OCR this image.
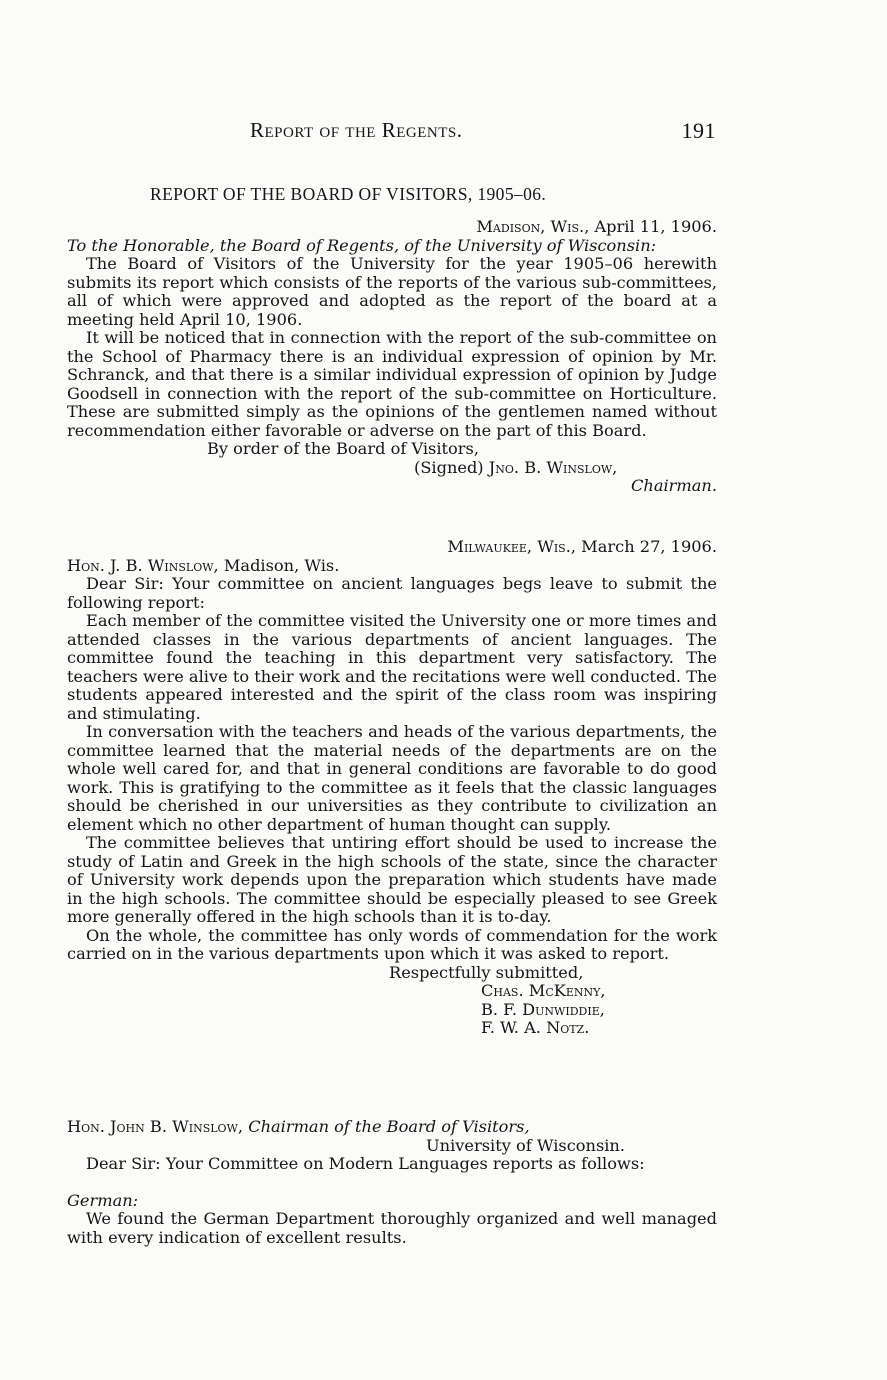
Report of the Regents.	191
REPORT OF THE BOARD OF VISITORS, 1905–06.

Madison, Wis., April 11, 1906.

To the Honorable, the Board of Regents, of the University of Wisconsin:

The Board of Visitors of the University for the year 1905–06 herewith submits its report which consists of the reports of the various sub-committees, all of which were approved and adopted as the report of the board at a meeting held April 10, 1906.

It will be noticed that in connection with the report of the sub-committee on the School of Pharmacy there is an individual expression of opinion by Mr. Schranck, and that there is a similar individual expression of opinion by Judge Goodsell in connection with the report of the sub-committee on Horticulture. These are submitted simply as the opinions of the gentlemen named without recommendation either favorable or adverse on the part of this Board.

By order of the Board of Visitors,

(Signed) Jno. B. Winslow,

Chairman.

Milwaukee, Wis., March 27, 1906.

Hon. J. B. Winslow, Madison, Wis.

Dear Sir: Your committee on ancient languages begs leave to submit the following report:

Each member of the committee visited the University one or more times and attended classes in the various departments of ancient languages. The committee found the teaching in this department very satisfactory. The teachers were alive to their work and the recitations were well conducted. The students appeared interested and the spirit of the class room was inspiring and stimulating.

In conversation with the teachers and heads of the various departments, the committee learned that the material needs of the departments are on the whole well cared for, and that in general conditions are favorable to do good work. This is gratifying to the committee as it feels that the classic languages should be cherished in our universities as they contribute to civilization an element which no other department of human thought can supply.

The committee believes that untiring effort should be used to increase the study of Latin and Greek in the high schools of the state, since the character of University work depends upon the preparation which students have made in the high schools. The committee should be especially pleased to see Greek more generally offered in the high schools than it is to-day.

On the whole, the committee has only words of commendation for the work carried on in the various departments upon which it was asked to report.

Respectfully submitted,

Chas. McKenny,

B. F. Dunwiddie,

F. W. A. Notz.

Hon. John B. Winslow, Chairman of the Board of Visitors,

University of Wisconsin.

Dear Sir: Your Committee on Modern Languages reports as follows:

German:

We found the German Department thoroughly organized and well managed with every indication of excellent results.
